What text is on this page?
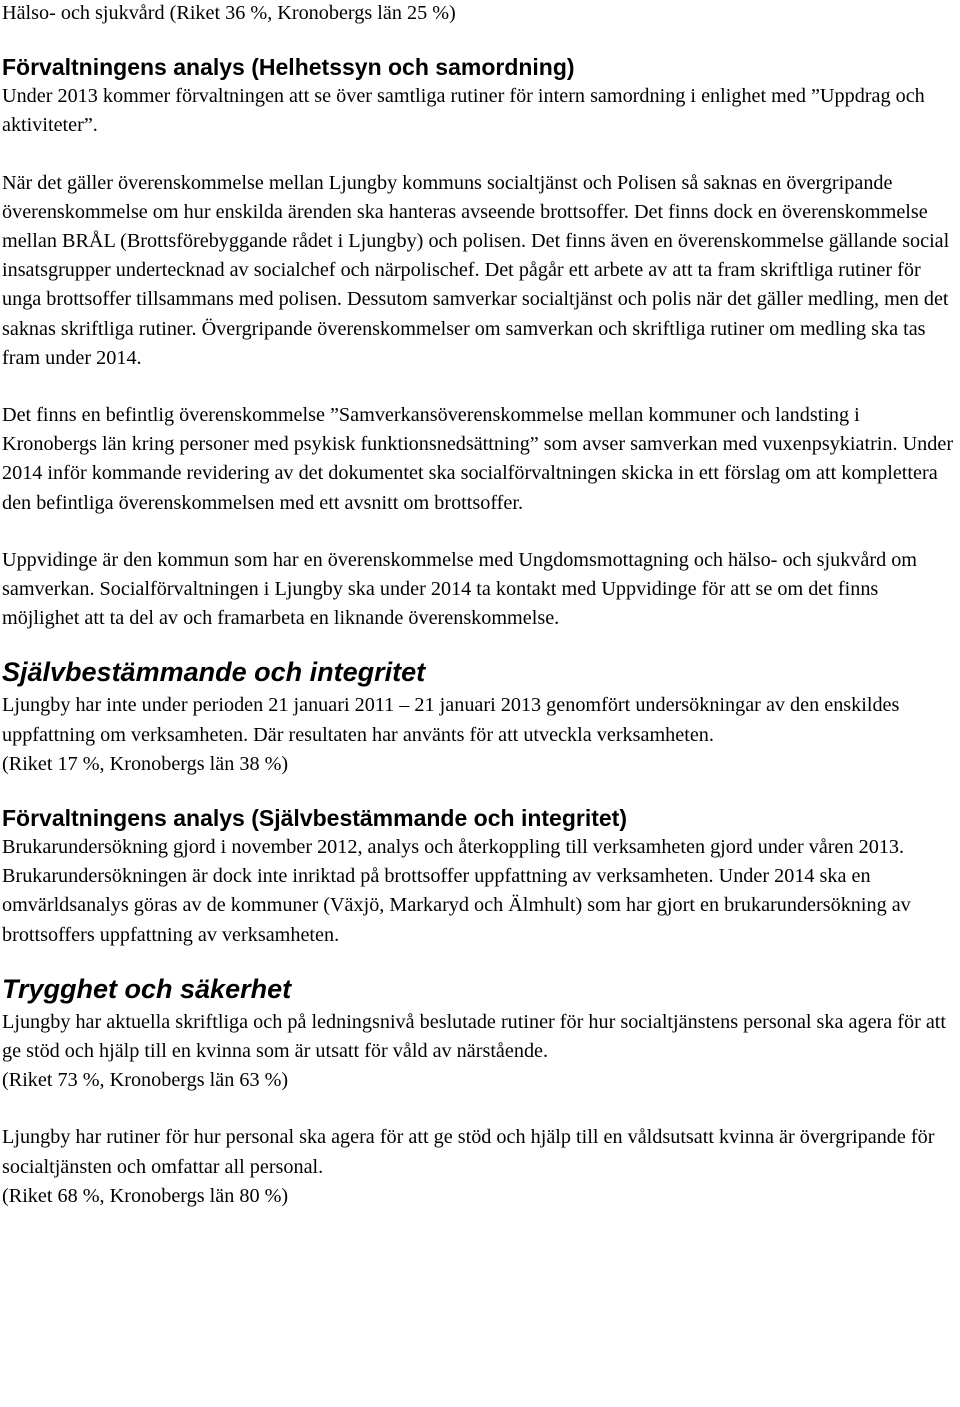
Hälso- och sjukvård (Riket 36 %, Kronobergs län 25 %)

Förvaltningens analys (Helhetssyn och samordning)

Under 2013 kommer förvaltningen att se över samtliga rutiner för intern samordning i enlighet med ”Uppdrag och aktiviteter”.

När det gäller överenskommelse mellan Ljungby kommuns socialtjänst och Polisen så saknas en övergripande överenskommelse om hur enskilda ärenden ska hanteras avseende brottsoffer. Det finns dock en överenskommelse mellan BRÅL (Brottsförebyggande rådet i Ljungby) och polisen. Det finns även en överenskommelse gällande social insatsgrupper undertecknad av socialchef och närpolischef. Det pågår ett arbete av att ta fram skriftliga rutiner för unga brottsoffer tillsammans med polisen. Dessutom samverkar socialtjänst och polis när det gäller medling, men det saknas skriftliga rutiner. Övergripande överenskommelser om samverkan och skriftliga rutiner om medling ska tas fram under 2014.

Det finns en befintlig överenskommelse ”Samverkansöverenskommelse mellan kommuner och landsting i Kronobergs län kring personer med psykisk funktionsnedsättning” som avser samverkan med vuxenpsykiatrin. Under 2014 inför kommande revidering av det dokumentet ska socialförvaltningen skicka in ett förslag om att komplettera den befintliga överenskommelsen med ett avsnitt om brottsoffer.

Uppvidinge är den kommun som har en överenskommelse med Ungdomsmottagning och hälso- och sjukvård om samverkan. Socialförvaltningen i Ljungby ska under 2014 ta kontakt med Uppvidinge för att se om det finns möjlighet att ta del av och framarbeta en liknande överenskommelse.

Självbestämmande och integritet

Ljungby har inte under perioden 21 januari 2011 – 21 januari 2013 genomfört undersökningar av den enskildes uppfattning om verksamheten. Där resultaten har använts för att utveckla verksamheten.

(Riket 17 %, Kronobergs län 38 %)

Förvaltningens analys (Självbestämmande och integritet)

Brukarundersökning gjord i november 2012, analys och återkoppling till verksamheten gjord under våren 2013. Brukarundersökningen är dock inte inriktad på brottsoffer uppfattning av verksamheten. Under 2014 ska en omvärldsanalys göras av de kommuner (Växjö, Markaryd och Älmhult) som har gjort en brukarundersökning av brottsoffers uppfattning av verksamheten.

Trygghet och säkerhet

Ljungby har aktuella skriftliga och på ledningsnivå beslutade rutiner för hur socialtjänstens personal ska agera för att ge stöd och hjälp till en kvinna som är utsatt för våld av närstående.

(Riket 73 %, Kronobergs län 63 %)

Ljungby har rutiner för hur personal ska agera för att ge stöd och hjälp till en våldsutsatt kvinna är övergripande för socialtjänsten och omfattar all personal.

(Riket 68 %, Kronobergs län 80 %)
